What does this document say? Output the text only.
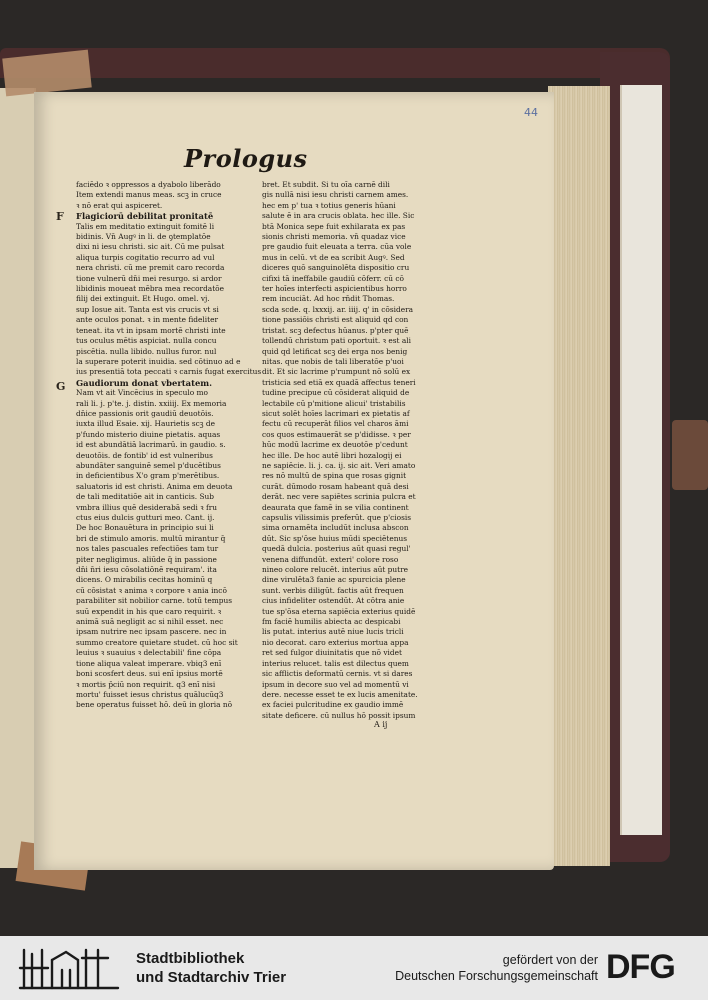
44
Prologus
F
G
faciēdo ꝛ oppressos a dyabolo liberādo
Item extendi manus meas. scꝫ in cruce
ꝛ nō erat qui aspiceret.
Flagiciorū debilitat pronitatē
Talis em meditatio extinguit fomitē li
bidinis. Vn̄ Augꝰ in li. de ꝯtemplatōe
dixi ni iesu christi. sic ait. Cū me pulsat
aliqua turpis cogitatio recurro ad vul
nera christi. cū me premit caro recorda
tione vulnerū dn̄i mei resurgo. si ardor
libidinis moueat mēbra mea recordatōe
filij dei extinguit. Et Hugo. omel. vj.
sup Iosue ait. Tanta est vis crucis vt si
ante oculos ponat. ꝛ in mente fideliter
teneat. ita vt in ipsam mortē christi inte
tus oculus mētis aspiciat. nulla concu
piscētia. nulla libido. nullus furor. nul
la superare poterit inuidia. sed cōtinuo ad e
ius presentiā tota peccati ꝛ carnis fugat exercitus
Gaudiorum donat vbertatem.
Nam vt ait Vincēcius in speculo mo
rali li. j. p'te. j. distin. xxiiij. Ex memoria
dn̄ice passionis orit gaudiū deuotōis.
iuxta illud Esaie. xij. Haurietis scꝫ de
p'fundo misterio diuine pietatis. aquas
id est abundātiā lacrimarū. in gaudio. s.
deuotōis. de fontib' id est vulneribus
abundāter sanguinē semel p'ducētibus
in deficientibus X'o gram p'merētibus.
saluatoris id est christi. Anima em deuota
de tali meditatiōe ait in canticis. Sub
vmbra illius quē desiderabā sedi ꝛ fru
ctus eius dulcis gutturi meo. Cant. ij.
De hoc Bonauētura in principio sui li
bri de stimulo amoris. multū mirantur q̄
nos tales pascuales refectiōes tam tur
piter negligimus. aliūde q̄ in passione
dn̄i n̄ri iesu cōsolatiōnē requiram'. ita
dicens. O mirabilis cecitas hominū q
cū cōsistat ꝛ anima ꝛ corpore ꝛ ania incō
parabiliter sit nobilior carne. totū tempus
suū expendit in his que caro requirit. ꝛ
animā suā negligit ac si nihil esset. nec
ipsam nutrire nec ipsam pascere. nec in
summo creatore quietare studet. cū hoc sit
leuius ꝛ suauius ꝛ delectabili' fine cōpa
tione aliqua valeat imperare. vbiq3 enī
boni scosfert deus. sui enī ipsius mortē
ꝛ mortis p̄ciū non requirit. q3 enī nisi
mortu' fuisset iesus christus quālucūq3
bene operatus fuisset hō. deū in gloria nō
bret. Et subdit. Si tu oīa carnē dili
gis nullā nisi iesu christi carnem ames.
hec em p' tua ꝛ totius generis hūani
salute ē in ara crucis oblata. hec ille. Sic
btā Monica sepe fuit exhilarata ex pas
sionis christi memoria. vn̄ quadaz vice
pre gaudio fuit eleuata a terra. cūa vole
mus in celū. vt de ea scribit Augꝰ. Sed
diceres quō sanguinolēta dispositio cru
cifixi tā ineffabile gaudiū cōferr. cū cō
ter hoīes interfecti aspicientibus horro
rem incuciāt. Ad hoc rn̄dit Thomas.
scda scde. q. lxxxij. ar. iiij. q' in cōsidera
tione passiōis christi est aliquid qd con
tristat. scꝫ defectus hūanus. p'pter quē
tollendū christum pati oportuit. ꝛ est ali
quid qd letificat scꝫ dei erga nos benig
nitas. que nobis de tali liberatōe p'uoi
dit. Et sic lacrime p'rumpunt nō solū ex
tristicia sed etiā ex quadā affectus teneri
tudine precipue cū cōsiderat aliquid de
lectabile cū p'mitione alicui' tristabilis
sicut solēt hoīes lacrimari ex pietatis af
fectu cū recuperāt filios vel charos āmi
cos quos estimauerāt se p'didisse. ꝛ per
hūc modū lacrime ex deuotōe p'cedunt
hec ille. De hoc autē libri hozalogij ei
ne sapiēcie. li. j. ca. ij. sic ait. Veri amato
res nō multū de spina que rosas gignit
curāt. dūmodo rosam habeant quā desi
derāt. nec vere sapiētes scrinia pulcra et
deaurata que famē in se vilia continent
capsulis vilissimis preferūt. que p'ciosis
sima ornamēta includūt inclusa abscon
dūt. Sic sp'ōse huius mūdi speciētenus
quedā dulcia. posterius aūt quasi regul'
venena diffundūt. exteri' colore roso
nineo colore relucēt. interius aūt putre
dine virulēta3 fanie ac spurcicia plene
sunt. verbis diligūt. factis aūt frequen
cius infideliter ostendūt. At cōtra anie
tue sp'ōsa eterna sapiēcia exterius quidē
fm faciē humilis abiecta ac despicabi
lis putat. interius autē niue lucis tricli
nio decorat. caro exterius mortua appa
ret sed fulgor diuinitatis que nō videt
interius relucet. talis est dilectus quem
sic afflictis deformatū cernis. vt si dares
ipsum in decore suo vel ad momentū vi
dere. necesse esset te ex lucis amenitate.
ex faciei pulcritudine ex gaudio immē
sitate deficere. cū nullus hō possit ipsum
A ij
Stadtbibliothek
und Stadtarchiv Trier
gefördert von der
Deutschen Forschungsgemeinschaft DFG
